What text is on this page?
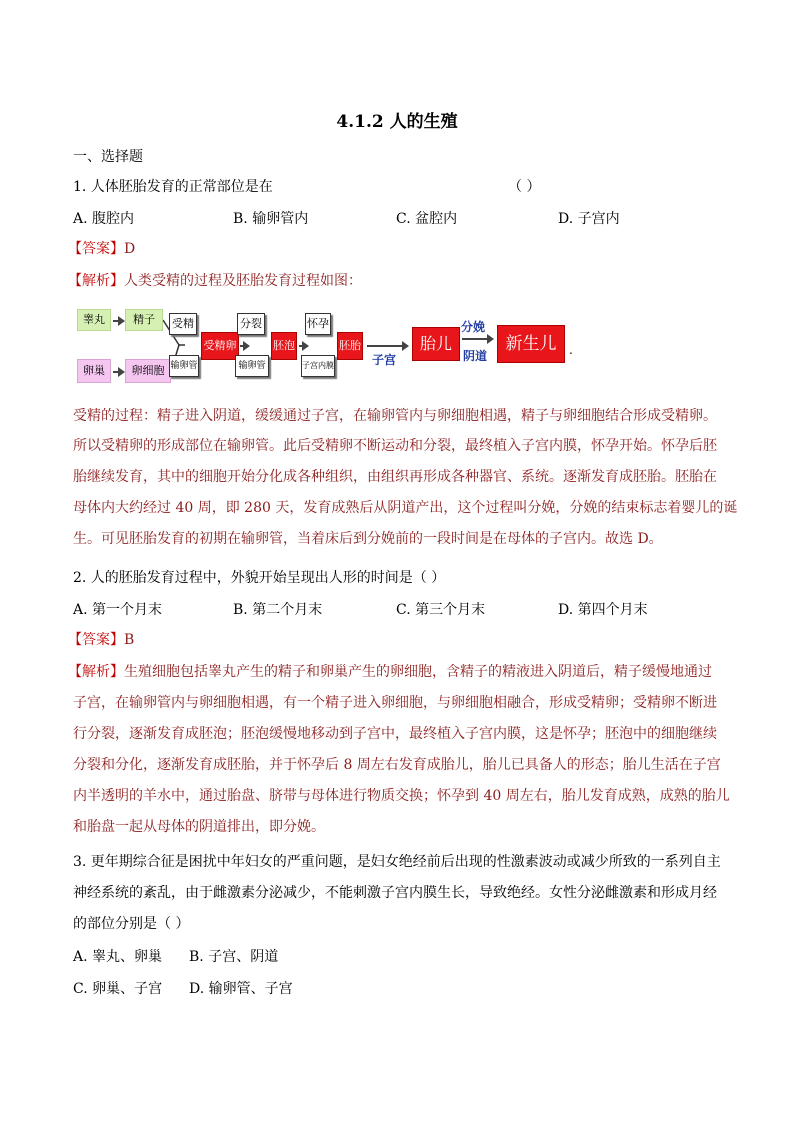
4.1.2 人的生殖
一、选择题
1. 人体胚胎发育的正常部位是在	（ ）
A. 腹腔内	B. 输卵管内	C. 盆腔内	D. 子宫内
【答案】D
【解析】人类受精的过程及胚胎发育过程如图：
睾丸	精子
卵巢	卵细胞
受精
输卵管
受精卵
分裂
输卵管
胚泡
怀孕
子宫内膜
胚胎
子宫
胎儿
分娩
阴道
新生儿	.
受精的过程：精子进入阴道，缓缓通过子宫，在输卵管内与卵细胞相遇，精子与卵细胞结合形成受精卵。
所以受精卵的形成部位在输卵管。此后受精卵不断运动和分裂，最终植入子宫内膜，怀孕开始。怀孕后胚
胎继续发育，其中的细胞开始分化成各种组织，由组织再形成各种器官、系统。逐渐发育成胚胎。胚胎在
母体内大约经过 40 周，即 280 天，发育成熟后从阴道产出，这个过程叫分娩，分娩的结束标志着婴儿的诞
生。可见胚胎发育的初期在输卵管，当着床后到分娩前的一段时间是在母体的子宫内。故选 D。
2. 人的胚胎发育过程中，外貌开始呈现出人形的时间是（ ）
A. 第一个月末	B. 第二个月末	C. 第三个月末	D. 第四个月末
【答案】B
【解析】生殖细胞包括睾丸产生的精子和卵巢产生的卵细胞，含精子的精液进入阴道后，精子缓慢地通过
子宫，在输卵管内与卵细胞相遇，有一个精子进入卵细胞，与卵细胞相融合，形成受精卵；受精卵不断进
行分裂，逐渐发育成胚泡；胚泡缓慢地移动到子宫中，最终植入子宫内膜，这是怀孕；胚泡中的细胞继续
分裂和分化，逐渐发育成胚胎，并于怀孕后 8 周左右发育成胎儿，胎儿已具备人的形态；胎儿生活在子宫
内半透明的羊水中，通过胎盘、脐带与母体进行物质交换；怀孕到 40 周左右，胎儿发育成熟，成熟的胎儿
和胎盘一起从母体的阴道排出，即分娩。
3. 更年期综合征是困扰中年妇女的严重问题，是妇女绝经前后出现的性激素波动或减少所致的一系列自主
神经系统的紊乱，由于雌激素分泌减少，不能刺激子宫内膜生长，导致绝经。女性分泌雌激素和形成月经
的部位分别是（ ）
A. 睾丸、卵巢 B. 子宫、阴道
C. 卵巢、子宫 D. 输卵管、子宫
